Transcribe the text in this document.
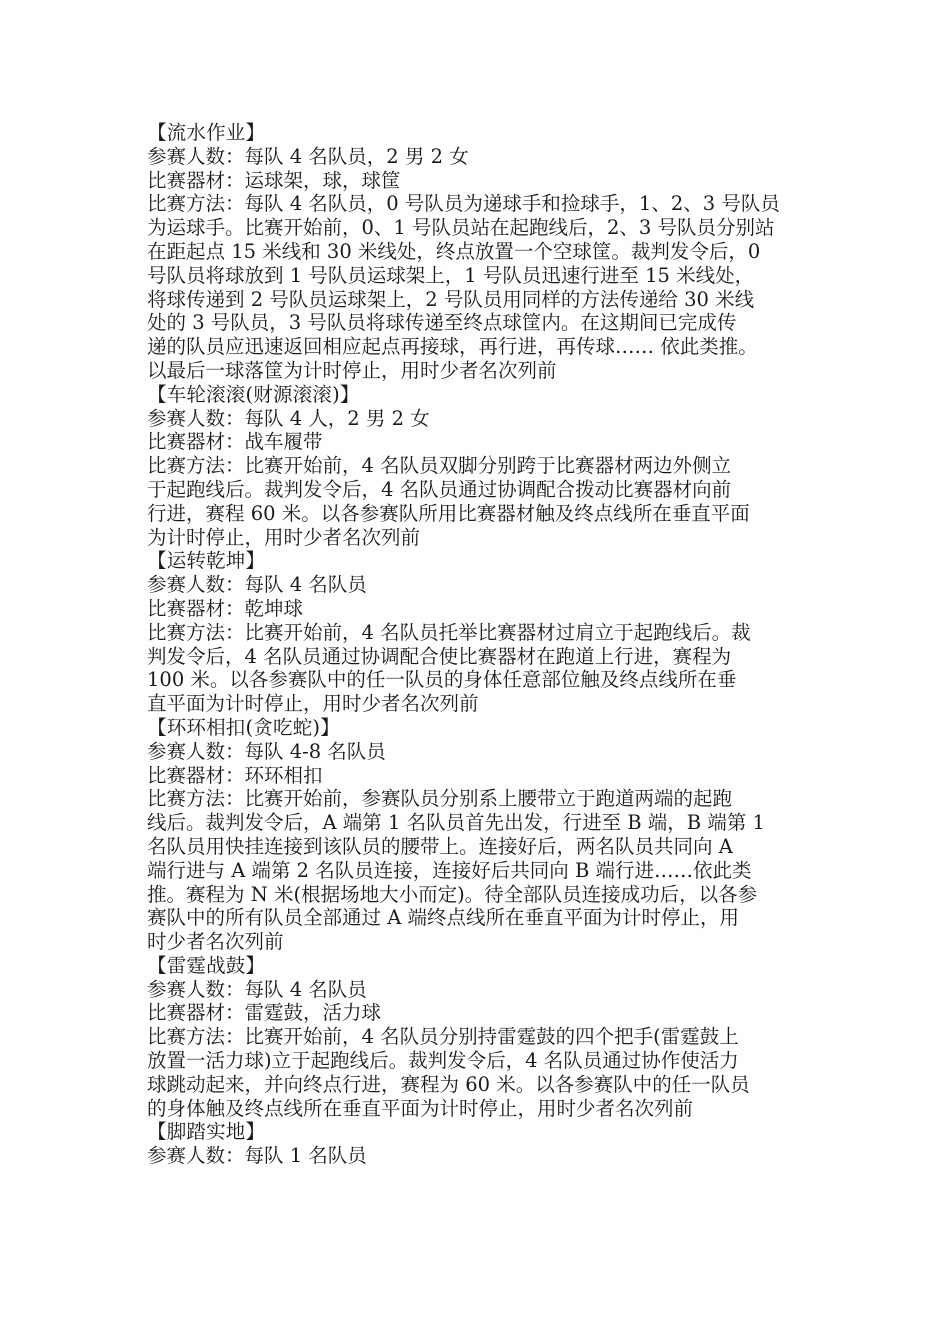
【流水作业】
参赛人数：每队 4 名队员，2 男 2 女
比赛器材：运球架，球，球筐
比赛方法：每队 4 名队员，0 号队员为递球手和捡球手，1、2、3 号队员
为运球手。比赛开始前，0、1 号队员站在起跑线后，2、3 号队员分别站
在距起点 15 米线和 30 米线处，终点放置一个空球筐。裁判发令后，0
号队员将球放到 1 号队员运球架上，1 号队员迅速行进至 15 米线处，
将球传递到 2 号队员运球架上，2 号队员用同样的方法传递给 30 米线
处的 3 号队员，3 号队员将球传递至终点球筐内。在这期间已完成传
递的队员应迅速返回相应起点再接球，再行进，再传球…… 依此类推。
以最后一球落筐为计时停止，用时少者名次列前
【车轮滚滚(财源滚滚)】
参赛人数：每队 4 人，2 男 2 女
比赛器材：战车履带
比赛方法：比赛开始前，4 名队员双脚分别跨于比赛器材两边外侧立
于起跑线后。裁判发令后，4 名队员通过协调配合拨动比赛器材向前
行进，赛程 60 米。以各参赛队所用比赛器材触及终点线所在垂直平面
为计时停止，用时少者名次列前
【运转乾坤】
参赛人数：每队 4 名队员
比赛器材：乾坤球
比赛方法：比赛开始前，4 名队员托举比赛器材过肩立于起跑线后。裁
判发令后，4 名队员通过协调配合使比赛器材在跑道上行进，赛程为
100 米。以各参赛队中的任一队员的身体任意部位触及终点线所在垂
直平面为计时停止，用时少者名次列前
【环环相扣(贪吃蛇)】
参赛人数：每队 4-8 名队员
比赛器材：环环相扣
比赛方法：比赛开始前，参赛队员分别系上腰带立于跑道两端的起跑
线后。裁判发令后，A 端第 1 名队员首先出发，行进至 B 端，B 端第 1
名队员用快挂连接到该队员的腰带上。连接好后，两名队员共同向 A
端行进与 A 端第 2 名队员连接，连接好后共同向 B 端行进……依此类
推。赛程为 N 米(根据场地大小而定)。待全部队员连接成功后，以各参
赛队中的所有队员全部通过 A 端终点线所在垂直平面为计时停止，用
时少者名次列前
【雷霆战鼓】
参赛人数：每队 4 名队员
比赛器材：雷霆鼓，活力球
比赛方法：比赛开始前，4 名队员分别持雷霆鼓的四个把手(雷霆鼓上
放置一活力球)立于起跑线后。裁判发令后，4 名队员通过协作使活力
球跳动起来，并向终点行进，赛程为 60 米。以各参赛队中的任一队员
的身体触及终点线所在垂直平面为计时停止，用时少者名次列前
【脚踏实地】
参赛人数：每队 1 名队员
